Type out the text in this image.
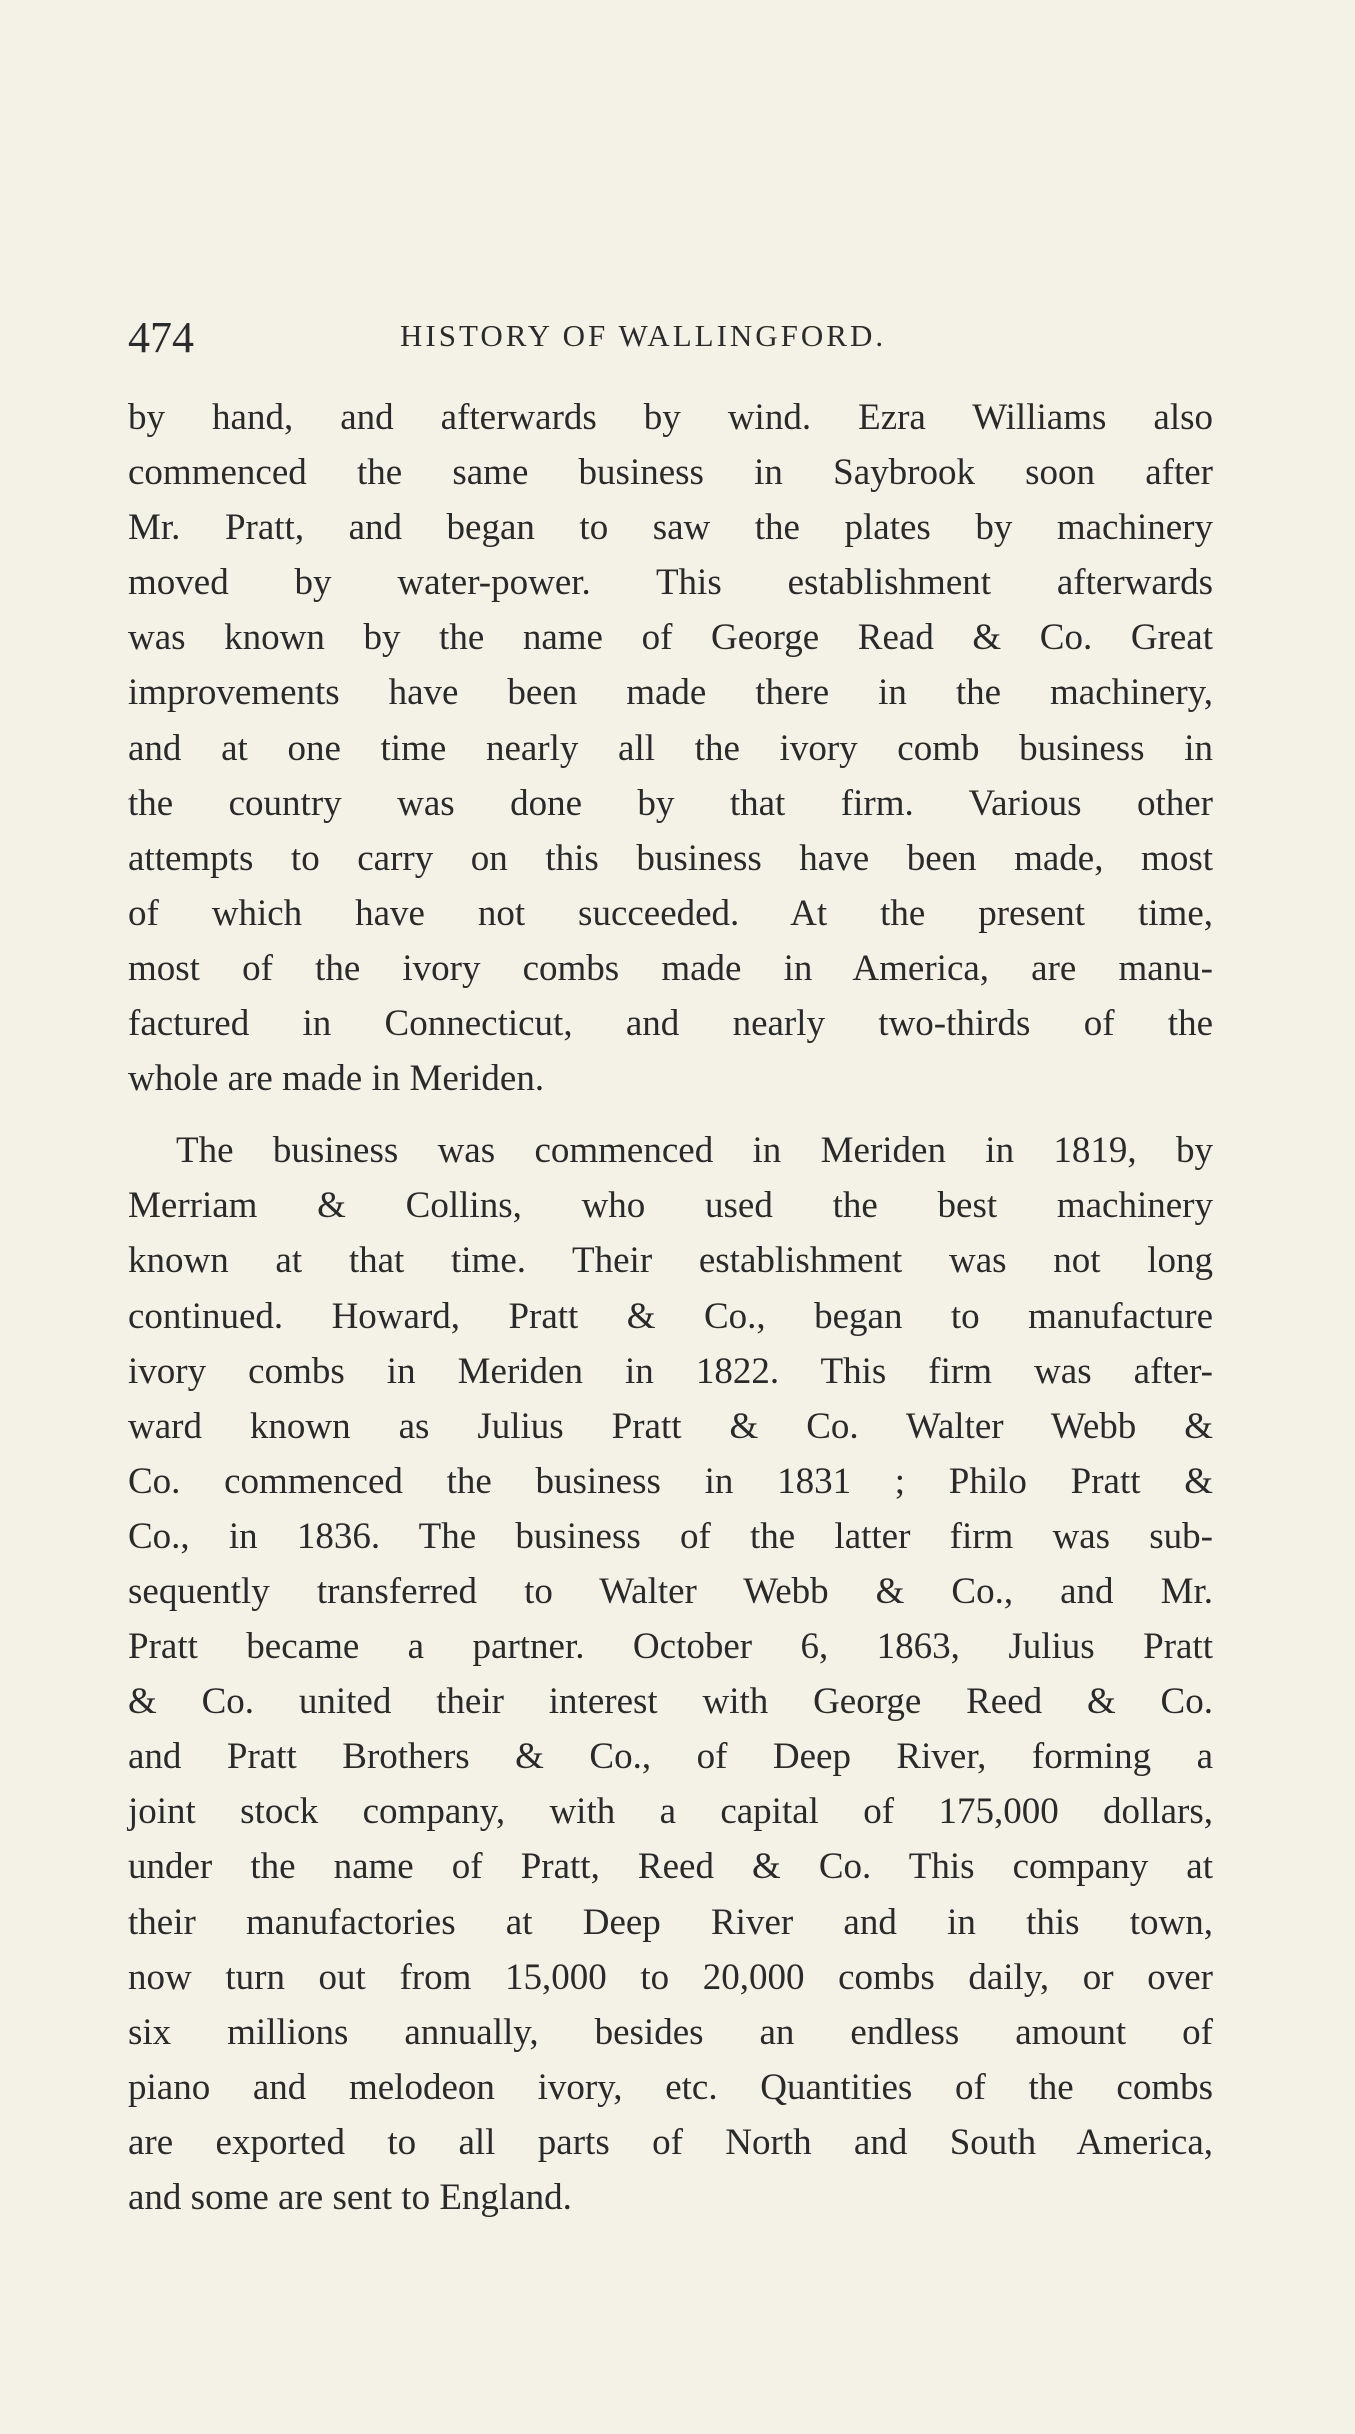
474	HISTORY OF WALLINGFORD.
by hand, and afterwards by wind. Ezra Williams also
commenced the same business in Saybrook soon after
Mr. Pratt, and began to saw the plates by machinery
moved by water-power. This establishment afterwards
was known by the name of George Read & Co. Great
improvements have been made there in the machinery,
and at one time nearly all the ivory comb business in
the country was done by that firm. Various other
attempts to carry on this business have been made, most
of which have not succeeded. At the present time,
most of the ivory combs made in America, are manu-
factured in Connecticut, and nearly two-thirds of the
whole are made in Meriden.
The business was commenced in Meriden in 1819, by
Merriam & Collins, who used the best machinery
known at that time. Their establishment was not long
continued. Howard, Pratt & Co., began to manufacture
ivory combs in Meriden in 1822. This firm was after-
ward known as Julius Pratt & Co. Walter Webb &
Co. commenced the business in 1831 ; Philo Pratt &
Co., in 1836. The business of the latter firm was sub-
sequently transferred to Walter Webb & Co., and Mr.
Pratt became a partner. October 6, 1863, Julius Pratt
& Co. united their interest with George Reed & Co.
and Pratt Brothers & Co., of Deep River, forming a
joint stock company, with a capital of 175,000 dollars,
under the name of Pratt, Reed & Co. This company at
their manufactories at Deep River and in this town,
now turn out from 15,000 to 20,000 combs daily, or over
six millions annually, besides an endless amount of
piano and melodeon ivory, etc. Quantities of the combs
are exported to all parts of North and South America,
and some are sent to England.
